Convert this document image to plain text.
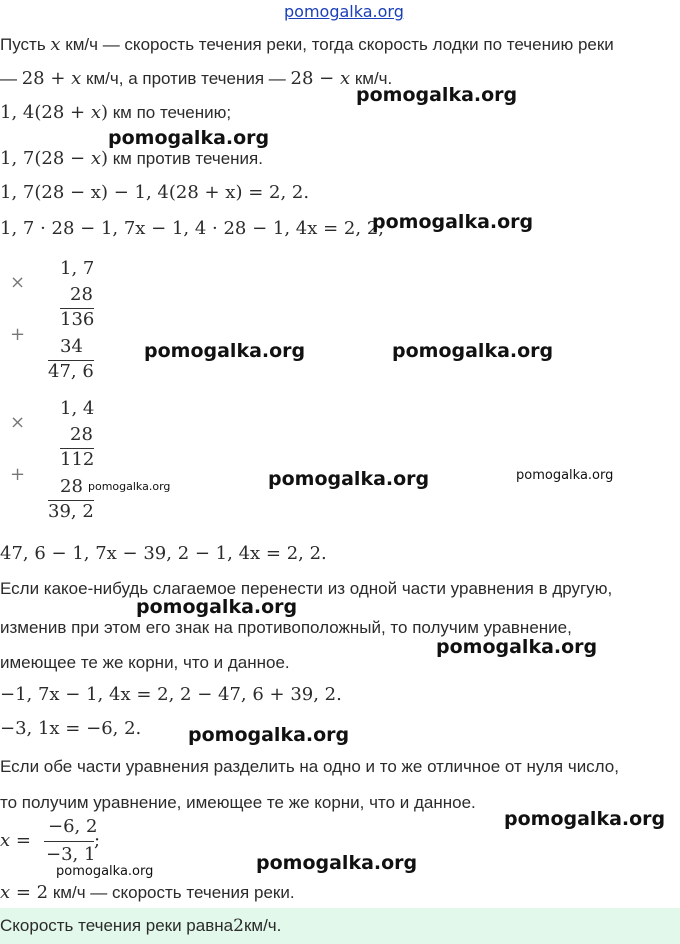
pomogalka.org
Пусть x км/ч — скорость течения реки, тогда скорость лодки по течению реки
— 28 + x км/ч, а против течения — 28 − x км/ч.
pomogalka.org
1, 4(28 + x) км по течению;
pomogalka.org
1, 7(28 − x) км против течения.
1, 7(28 − x) − 1, 4(28 + x) = 2, 2.
1, 7 · 28 − 1, 7x − 1, 4 · 28 − 1, 4x = 2, 2;
pomogalka.org
×
1, 7
28
136
+
34
47, 6
pomogalka.org	pomogalka.org
×
1, 4
28
112
+
28
39, 2
pomogalka.org	pomogalka.org	pomogalka.org
47, 6 − 1, 7x − 39, 2 − 1, 4x = 2, 2.
Если какое-нибудь слагаемое перенести из одной части уравнения в другую,
pomogalka.org
изменив при этом его знак на противоположный, то получим уравнение,
pomogalka.org
имеющее те же корни, что и данное.
−1, 7x − 1, 4x = 2, 2 − 47, 6 + 39, 2.
−3, 1x = −6, 2. pomogalka.org
Если обе части уравнения разделить на одно и то же отличное от нуля число,
то получим уравнение, имеющее те же корни, что и данное.
pomogalka.org
x =
−6, 2
−3, 1
;
pomogalka.org
pomogalka.org
x = 2 км/ч — скорость течения реки.
Скорость течения реки равна 2 км/ч.
